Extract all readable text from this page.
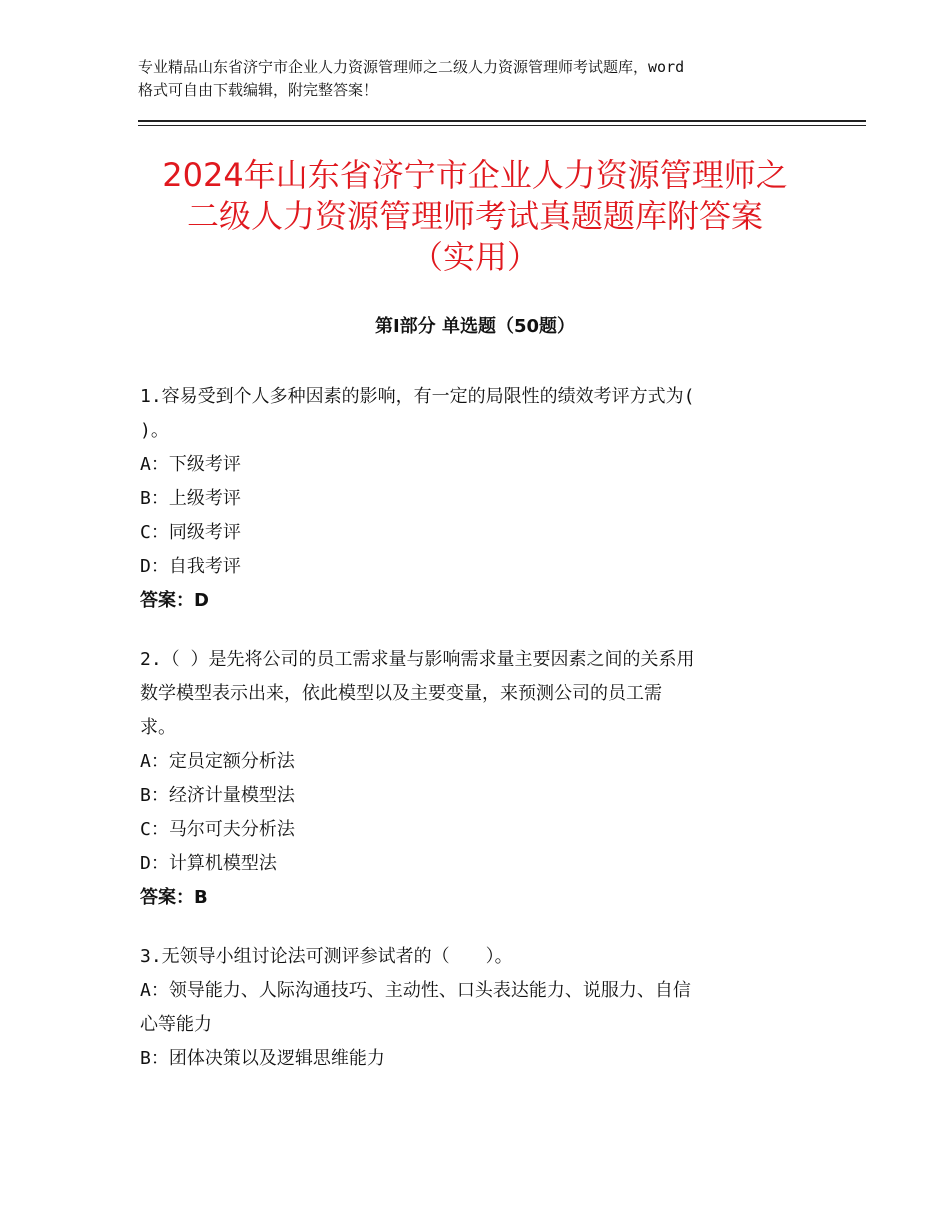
专业精品山东省济宁市企业人力资源管理师之二级人力资源管理师考试题库，word
格式可自由下载编辑，附完整答案！
2024年山东省济宁市企业人力资源管理师之
二级人力资源管理师考试真题题库附答案
（实用）
第Ⅰ部分 单选题（50题）

1.容易受到个人多种因素的影响，有一定的局限性的绩效考评方式为(

)。

A：下级考评

B：上级考评

C：同级考评

D：自我考评

答案：D

2.（ ）是先将公司的员工需求量与影响需求量主要因素之间的关系用

数学模型表示出来，依此模型以及主要变量，来预测公司的员工需

求。

A：定员定额分析法

B：经济计量模型法

C：马尔可夫分析法

D：计算机模型法

答案：B

3.无领导小组讨论法可测评参试者的（　　）。

A：领导能力、人际沟通技巧、主动性、口头表达能力、说服力、自信

心等能力

B：团体决策以及逻辑思维能力
